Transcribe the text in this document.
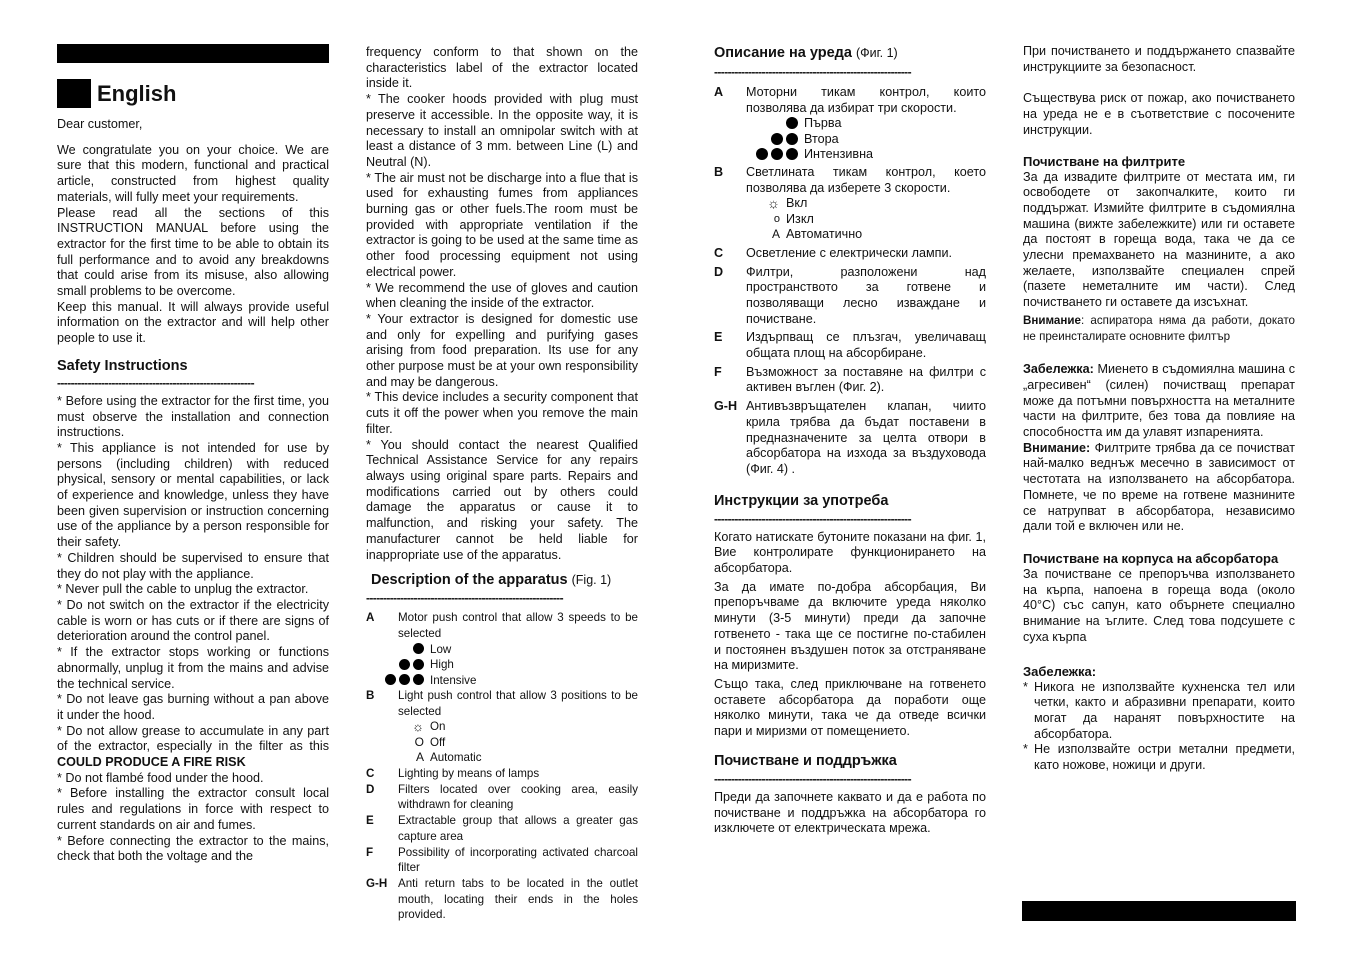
English

Dear customer,

We congratulate you on your choice. We are sure that this modern, functional and practical article, constructed from highest quality materials, will fully meet your requirements.

Please read all the sections of this INSTRUCTION MANUAL before using the extractor for the first time to be able to obtain its full performance and to avoid any breakdowns that could arise from its misuse, also allowing small problems to be overcome.

Keep this manual. It will always provide useful information on the extractor and will help other people to use it.

Safety Instructions
----------------------------------------------------------

* Before using the extractor for the first time, you must observe the installation and connection instructions.

* This appliance is not intended for use by persons (including children) with reduced physical, sensory or mental capabilities, or lack of experience and knowledge, unless they have been given supervision or instruction concerning use of the appliance by a person responsible for their safety.

* Children should be supervised to ensure that they do not play with the appliance.

* Never pull the cable to unplug the extractor.

* Do not switch on the extractor if the electricity cable is worn or has cuts or if there are signs of deterioration around the control panel.

* If the extractor stops working or functions abnormally, unplug it from the mains and advise the technical service.

* Do not leave gas burning without a pan above it under the hood.

* Do not allow grease to accumulate in any part of the extractor, especially in the filter as this COULD PRODUCE A FIRE RISK

* Do not flambé food under the hood.

* Before installing the extractor consult local rules and regulations in force with respect to current standards on air and fumes.

* Before connecting the extractor to the mains, check that both the voltage and the

frequency conform to that shown on the characteristics label of the extractor located inside it.

* The cooker hoods provided with plug must preserve it accessible. In the opposite way, it is necessary to install an omnipolar switch with at least a distance of 3 mm. between Line (L) and Neutral (N).

* The air must not be discharge into a flue that is used for exhausting fumes from appliances burning gas or other fuels.The room must be provided with appropriate ventilation if the extractor is going to be used at the same time as other food processing equipment not using electrical power.

* We recommend the use of gloves and caution when cleaning the inside of the extractor.

* Your extractor is designed for domestic use and only for expelling and purifying gases arising from food preparation. Its use for any other purpose must be at your own responsibility and may be dangerous.

* This device includes a security component that cuts it off the power when you remove the main filter.

* You should contact the nearest Qualified Technical Assistance Service for any repairs always using original spare parts. Repairs and modifications carried out by others could damage the apparatus or cause it to malfunction, and risking your safety. The manufacturer cannot be held liable for inappropriate use of the apparatus.

Description of the apparatus (Fig. 1)
----------------------------------------------------------
A	Motor push control that allow 3 speeds to be selected
Low
High
Intensive
B	Light push control that allow 3 positions to be selected
☼ On
O Off
A Automatic
C	Lighting by means of lamps
D	Filters located over cooking area, easily withdrawn for cleaning
E	Extractable group that allows a greater gas capture area
F	Possibility of incorporating activated charcoal filter
G-H Anti return tabs to be located in the outlet mouth, locating their ends in the holes provided.
Описание на уреда (Фиг. 1)
----------------------------------------------------------
A	Моторни тикам контрол, които позволява да избират три скорости.
Първа
Втора
Интензивна
B	Светлината тикам контрол, което позволява да изберете 3 скорости.
☼ Вкл
o Изкл
A Автоматично
C	Осветление с електрически лампи.
D	Филтри, разположени над пространството за готвене и позволяващи лесно изваждане и почистване.
E	Издърпващ се плъзгач, увеличаващ общата площ на абсорбиране.
F	Възможност за поставяне на филтри с активен въглен (Фиг. 2).
G-H Антивъзвръщателен клапан, чиито крила трябва да бъдат поставени в предназначените за целта отвори в абсорбатора на изхода за въздуховода (Фиг. 4) .
Инструкции за употреба
----------------------------------------------------------

Когато натискате бутоните показани на фиг. 1, Вие контролирате функционирането на абсорбатора.

За да имате по-добра абсорбация, Ви препоръчваме да включите уреда няколко минути (3-5 минути) преди да започне готвенето - така ще се постигне по-стабилен и постоянен въздушен поток за отстраняване на миризмите.

Също така, след приключване на готвенето оставете абсорбатора да поработи още няколко минути, така че да отведе всички пари и миризми от помещението.

Почистване и поддръжка
----------------------------------------------------------

Преди да започнете каквато и да е работа по почистване и поддръжка на абсорбатора го изключете от електрическата мрежа.

При почистването и поддържането спазвайте инструкциите за безопасност.

Съществува риск от пожар, ако почистването на уреда не е в съответствие с посочените инструкции.

Почистване на филтрите

За да извадите филтрите от местата им, ги освободете от закопчалките, които ги поддържат. Измийте филтрите в съдомиялна машина (вижте забележките) или ги оставете да постоят в гореща вода, така че да се улесни премахването на мазнините, а ако желаете, използвайте специален спрей (пазете неметалните им части). След почистването ги оставете да изсъхнат.

Внимание: аспиратора няма да работи, докато не преинсталирате основните филтър

Забележка: Миенето в съдомиялна машина с „агресивен“ (силен) почистващ препарат може да потъмни повърхността на металните части на филтрите, без това да повлияе на способността им да улавят изпаренията.

Внимание: Филтрите трябва да се почистват най-малко веднъж месечно в зависимост от честотата на използването на абсорбатора. Помнете, че по време на готвене мазнините се натрупват в абсорбатора, независимо дали той е включен или не.

Почистване на корпуса на абсорбатора

За почистване се препоръчва използването на кърпа, напоена в гореща вода (около 40°C) със сапун, като обърнете специално внимание на ъглите. След това подсушете с суха кърпа

Забележка:
* Никога не използвайте кухненска тел или четки, както и абразивни препарати, които могат да наранят повърхностите на абсорбатора.
* Не използвайте остри метални предмети, като ножове, ножици и други.
